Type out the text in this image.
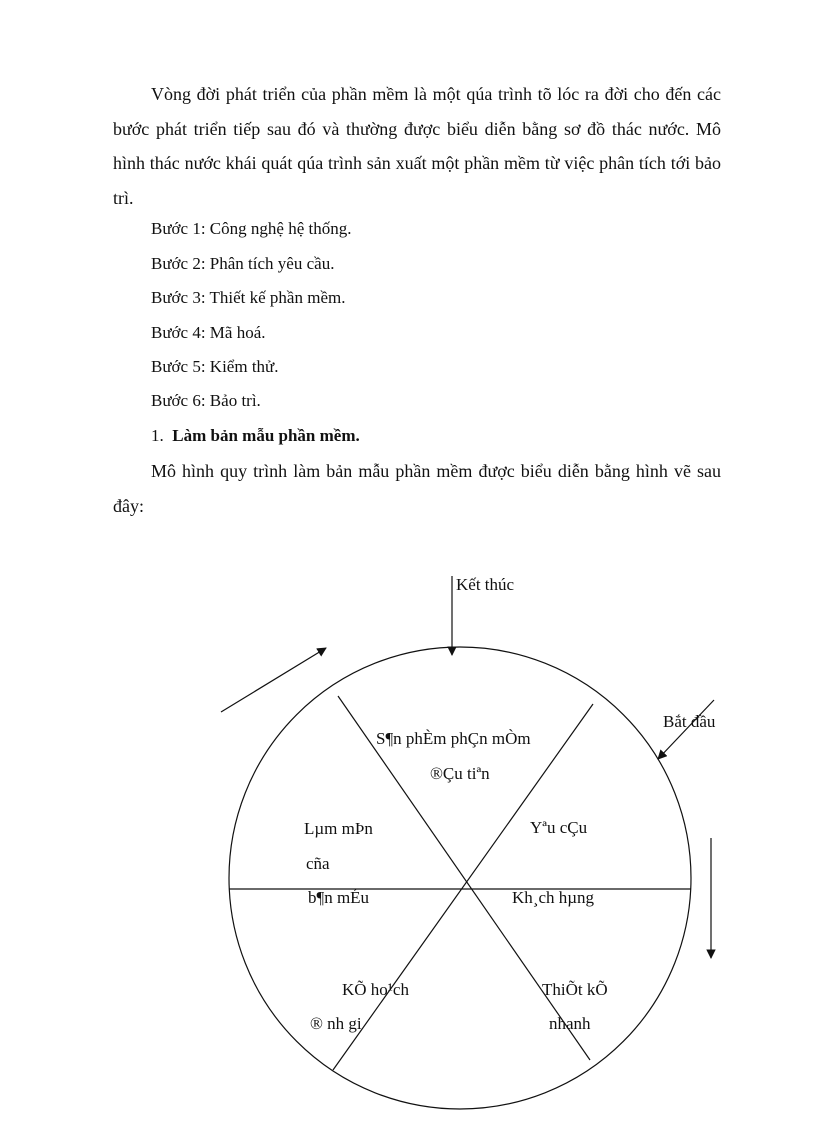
Vòng đời phát triển của phần mềm là một qúa trình tõ lóc ra đời cho đến các bước phát triển tiếp sau đó và thường được biểu diễn bằng sơ đồ thác nước. Mô hình thác nước khái quát qúa trình sản xuất một phần mềm từ việc phân tích tới bảo trì.

Bước 1: Công nghệ hệ thống.

Bước 2: Phân tích yêu cầu.

Bước 3: Thiết kế phần mềm.

Bước 4: Mã hoá.

Bước 5: Kiểm thử.

Bước 6: Bảo trì.

1. Làm bản mẫu phần mềm.

Mô hình quy trình làm bản mẫu phần mềm được biểu diễn bằng hình vẽ sau đây:

Kết thúc
Bắt đầu
S¶n phÈm phÇn mÒm
®Çu tiªn
Yªu cÇu
Kh¸ch hµng
Lµm mÞn
cña
b¶n mÉu
KÕ ho¹ch
® nh gi
ThiÕt kÕ
nhanh
